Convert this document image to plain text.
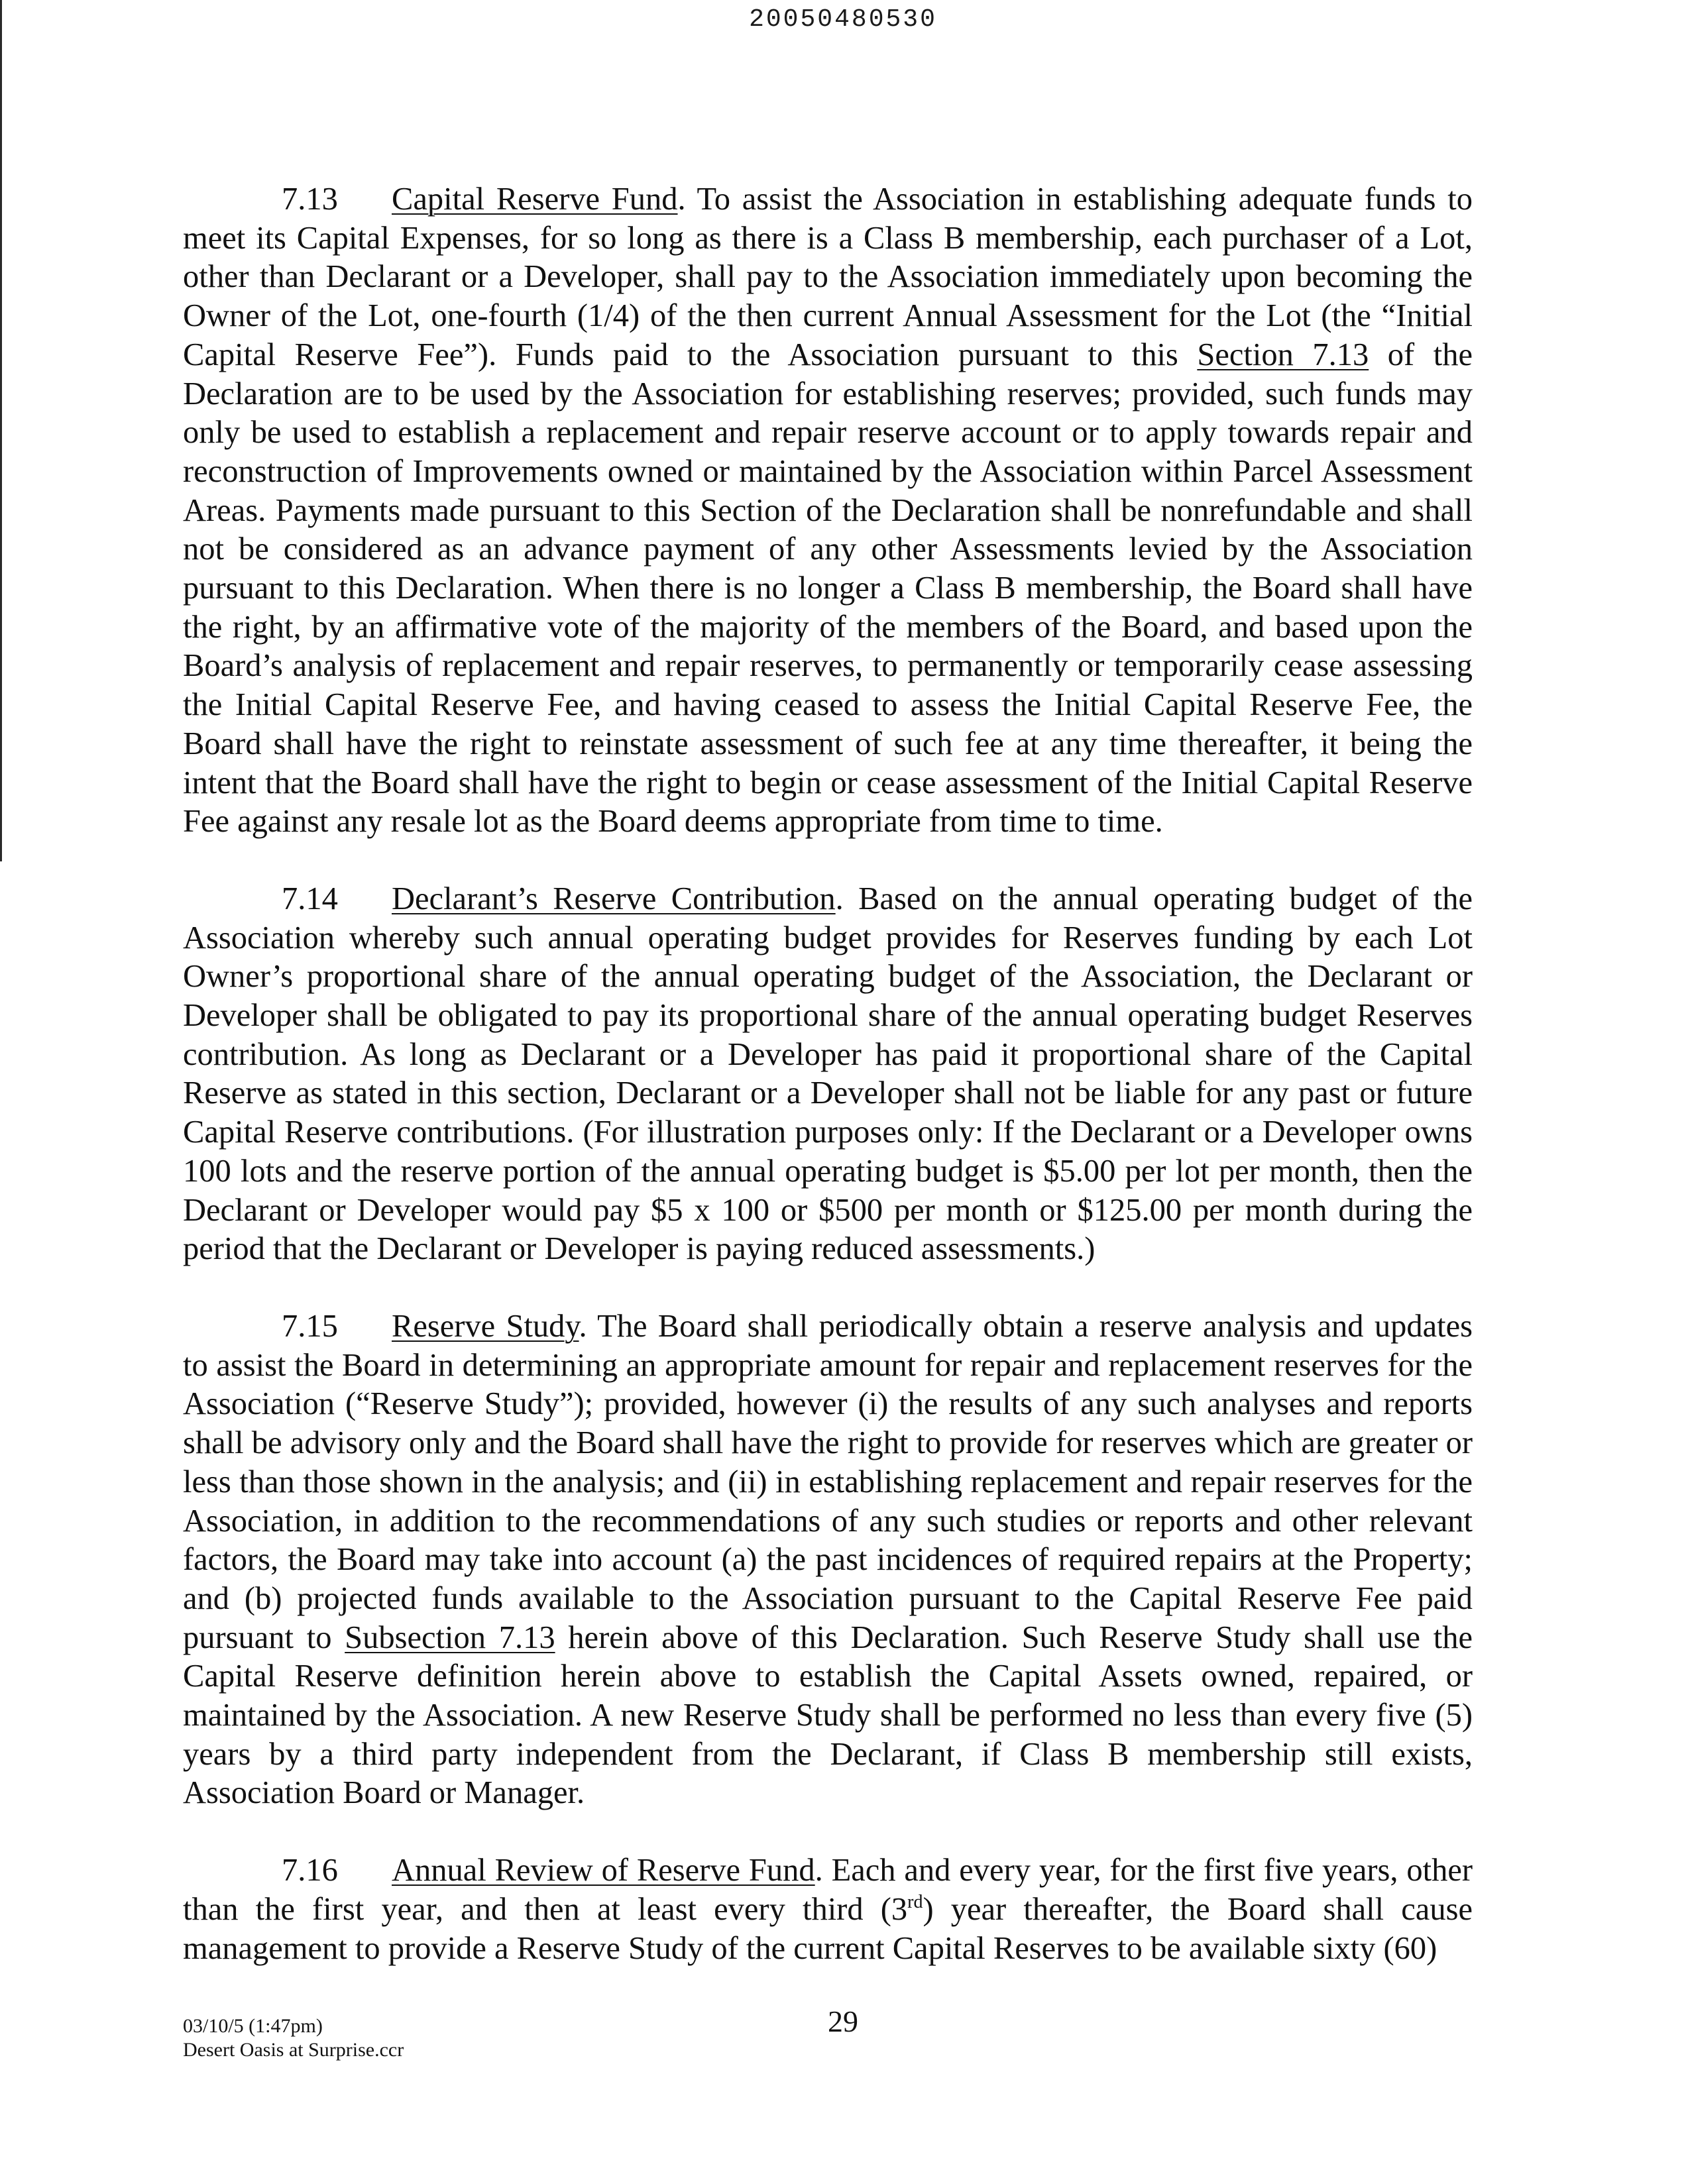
20050480530

7.13 Capital Reserve Fund. To assist the Association in establishing adequate funds to meet its Capital Expenses, for so long as there is a Class B membership, each purchaser of a Lot, other than Declarant or a Developer, shall pay to the Association immediately upon becoming the Owner of the Lot, one-fourth (1/4) of the then current Annual Assessment for the Lot (the “Initial Capital Reserve Fee”). Funds paid to the Association pursuant to this Section 7.13 of the Declaration are to be used by the Association for establishing reserves; provided, such funds may only be used to establish a replacement and repair reserve account or to apply towards repair and reconstruction of Improvements owned or maintained by the Association within Parcel Assessment Areas. Payments made pursuant to this Section of the Declaration shall be nonrefundable and shall not be considered as an advance payment of any other Assessments levied by the Association pursuant to this Declaration. When there is no longer a Class B membership, the Board shall have the right, by an affirmative vote of the majority of the members of the Board, and based upon the Board’s analysis of replacement and repair reserves, to permanently or temporarily cease assessing the Initial Capital Reserve Fee, and having ceased to assess the Initial Capital Reserve Fee, the Board shall have the right to reinstate assessment of such fee at any time thereafter, it being the intent that the Board shall have the right to begin or cease assessment of the Initial Capital Reserve Fee against any resale lot as the Board deems appropriate from time to time.

7.14 Declarant’s Reserve Contribution. Based on the annual operating budget of the Association whereby such annual operating budget provides for Reserves funding by each Lot Owner’s proportional share of the annual operating budget of the Association, the Declarant or Developer shall be obligated to pay its proportional share of the annual operating budget Reserves contribution. As long as Declarant or a Developer has paid it proportional share of the Capital Reserve as stated in this section, Declarant or a Developer shall not be liable for any past or future Capital Reserve contributions. (For illustration purposes only: If the Declarant or a Developer owns 100 lots and the reserve portion of the annual operating budget is $5.00 per lot per month, then the Declarant or Developer would pay $5 x 100 or $500 per month or $125.00 per month during the period that the Declarant or Developer is paying reduced assessments.)

7.15 Reserve Study. The Board shall periodically obtain a reserve analysis and updates to assist the Board in determining an appropriate amount for repair and replacement reserves for the Association (“Reserve Study”); provided, however (i) the results of any such analyses and reports shall be advisory only and the Board shall have the right to provide for reserves which are greater or less than those shown in the analysis; and (ii) in establishing replacement and repair reserves for the Association, in addition to the recommendations of any such studies or reports and other relevant factors, the Board may take into account (a) the past incidences of required repairs at the Property; and (b) projected funds available to the Association pursuant to the Capital Reserve Fee paid pursuant to Subsection 7.13 herein above of this Declaration. Such Reserve Study shall use the Capital Reserve definition herein above to establish the Capital Assets owned, repaired, or maintained by the Association. A new Reserve Study shall be performed no less than every five (5) years by a third party independent from the Declarant, if Class B membership still exists, Association Board or Manager.

7.16 Annual Review of Reserve Fund. Each and every year, for the first five years, other than the first year, and then at least every third (3rd) year thereafter, the Board shall cause management to provide a Reserve Study of the current Capital Reserves to be available sixty (60)

03/10/5 (1:47pm)
Desert Oasis at Surprise.ccr
29
